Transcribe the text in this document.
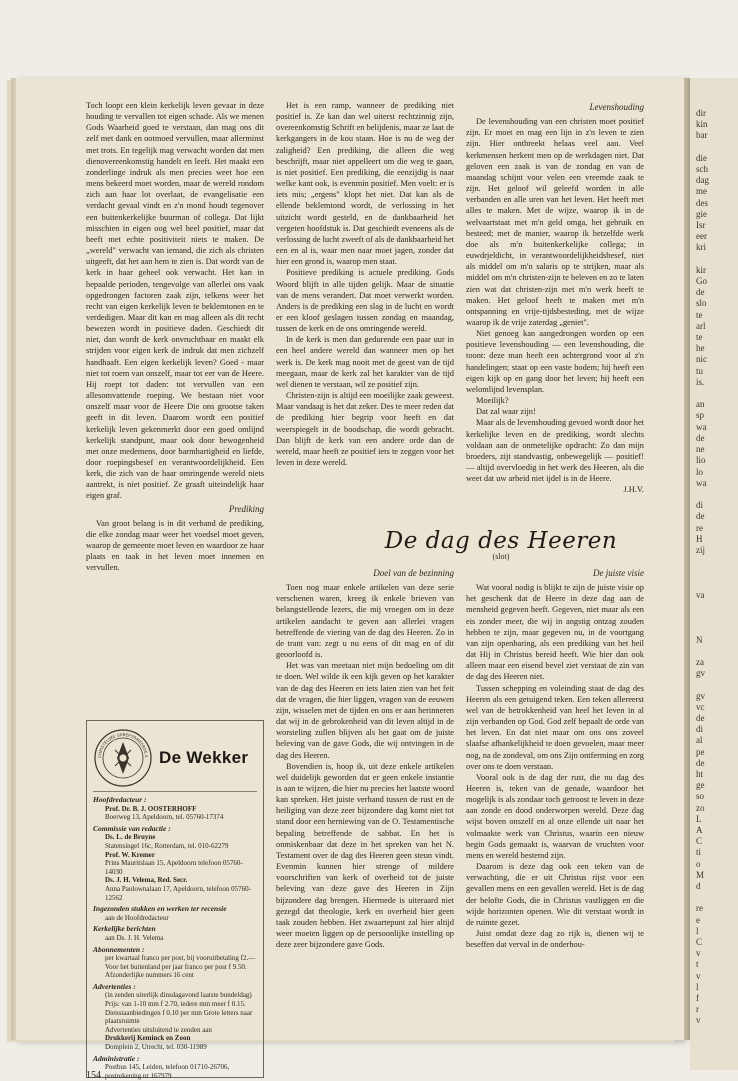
Toch loopt een klein kerkelijk leven gevaar in deze houding te vervallen tot eigen schade. Als we menen Gods Waarheid goed te verstaan, dan mag ons dit zelf met dank en ootmoed vervullen, maar allerminst met trots. En tegelijk mag verwacht worden dat men dienovereenkomstig handelt en leeft. Het maakt een zonderlinge indruk als men precies weet hoe een mens bekeerd moet worden, maar de wereld rondom zich aan haar lot overlaat, de evangelisatie een verdacht gevaal vindt en z'n mond houdt tegenover een buitenkerkelijke buurman of collega. Dat lijkt misschien in eigen oog wel heel positief, maar dat heeft met echte positiviteit niets te maken. De „wereld" verwacht van iemand, die zich als christen uitgeeft, dat het aan hem te zien is. Dat wordt van de kerk in haar geheel ook verwacht. Het kan in bepaalde perioden, tengevolge van allerlei ons vaak opgedrongen factoren zaak zijn, telkens weer het recht van eigen kerkelijk leven te beklemtonen en te verdedigen. Maar dit kan en mag alleen als dit recht bewezen wordt in positieve daden. Geschiedt dit niet, dan wordt de kerk onvruchtbaar en maakt elk strijden voor eigen kerk de indruk dat men zichzelf handhaaft. Een eigen kerkelijk leven? Goed - maar niet tot roem van onszelf, maar tot eer van de Heere. Hij roept tot daden: tot vervullen van een allesomvattende roeping. We bestaan niet voor onszelf maar voor de Heere Die ons grootse taken geeft in dit leven. Daarom wordt een positief kerkelijk leven gekenmerkt door een goed omlijnd kerkelijk standpunt, maar ook door bewogenheid met onze medemens, door barmhartigheid en liefde, door roepingsbesef en verantwoordelijkheid. Een kerk, die zich van de haar omringende wereld niets aantrekt, is niet positief. Ze graaft uiteindelijk haar eigen graf.

Prediking

Van groot belang is in dit verband de prediking, die elke zondag maar weer het voedsel moet geven, waarop de gemeente moet leven en waardoor ze haar plaats en taak in het leven moet innemen en vervullen.

Het is een ramp, wanneer de prediking niet positief is. Ze kan dan wel uiterst rechtzinnig zijn, overeenkomstig Schrift en belijdenis, maar ze laat de kerkgangers in de kou staan. Hoe is nu de weg der zaligheid? Een prediking, die alleen die weg beschrijft, maar niet appelleert om die weg te gaan, is niet positief. Een prediking, die eenzijdig is naar welke kant ook, is evenmin positief. Men voelt: er is iets mis; „ergens" klopt het niet. Dat kan als de ellende beklemtond wordt, de verlossing in het uitzicht wordt gesteld, en de dankbaarheid het vergeten hoofdstuk is. Dat geschiedt eveneens als de verlossing de lucht zweeft of als de dankbaarheid het een en al is, waar men naar moet jagen, zonder dat hier een grond is, waarop men staat.

Positieve prediking is actuele prediking. Gods Woord blijft in alle tijden gelijk. Maar de situatie van de mens verandert. Dat moet verwerkt worden. Anders is de prediking een slag in de lucht en wordt er een kloof geslagen tussen zondag en maandag, tussen de kerk en de ons omringende wereld.

In de kerk is men dan gedurende een paar uur in een heel andere wereld dan wanneer men op het werk is. De kerk mag nooit met de geest van de tijd meegaan, maar de kerk zal het karakter van de tijd wel dienen te verstaan, wil ze positief zijn.

Christen-zijn is altijd een moeilijke zaak geweest. Maar vandaag is het dat zeker. Des te meer reden dat de prediking hier begrip voor heeft en dat weerspiegelt in de boodschap, die wordt gebracht. Dan blijft de kerk van een andere orde dan de wereld, maar heeft ze positief iets te zeggen voor het leven in deze wereld.

Levenshouding

De levenshouding van een christen moet positief zijn. Er moet en mag een lijn in z'n leven te zien zijn. Hier ontbreekt helaas veel aan. Veel kerkmensen herkent men op de werkdagen niet. Dat geloven een zaak is van de zondag en van de maandag schijnt voor velen een vreemde zaak te zijn. Het geloof wil geleefd worden in alle verbanden en alle uren van het leven. Het heeft met alles te maken. Met de wijze, waarop ik in de welvaartstaat met m'n geld omga, het gebruik en besteed; met de manier, waarop ik hetzelfde werk doe als m'n buitenkerkelijke collega; in euwdrjeldicht, in verantwoordelijkheidsbesef, niet als middel om m'n salaris op te strijken, maar als middel om m'n christen-zijn te beleven en zo te laten zien wat dat christen-zijn met m'n werk heeft te maken. Het geloof heeft te maken met m'n ontspanning en vrije-tijdsbesteding, met de wijze waarop ik de vrije zaterdag „geniet".

Niet genoeg kan aangedrongen worden op een positieve levenshouding — een levenshouding, die toont: deze man heeft een achtergrond voor al z'n handelingen; staat op een vaste bodem; hij heeft een eigen kijk op en gang door het leven; hij heeft een welomlijnd levensplan.

Moeilijk?

Dat zal waar zijn!

Maar als de levenshouding gevoed wordt door het kerkelijke leven en de prediking, wordt slechts voldaan aan de onmetelijke opdracht: Zo dan mijn broeders, zijt standvastig, onbewegelijk — positief! — altijd overvloedig in het werk des Heeren, als die weet dat uw arbeid niet ijdel is in de Heere.

J.H.V.

De dag des Heeren
(slot)
Doel van de bezinning

Toen nog maar enkele artikelen van deze serie verschenen waren, kreeg ik enkele brieven van belangstellende lezers, die mij vroegen om in deze artikelen aandacht te geven aan allerlei vragen betreffende de viering van de dag des Heeren. Zo in de trant van: zegt u nu eens of dit mag en of dit geoorloofd is.

Het was van meetaan niet mijn bedoeling om dit te doen. Wel wilde ik een kijk geven op het karakter van de dag des Heeren en iets laten zien van het feit dat de vragen, die hier liggen, vragen van de eeuwen zijn, wisselen met de tijden en ons er aan herinneren dat wij in de gebrokenheid van dit leven altijd in de worsteling zullen blijven als het gaat om de juiste beleving van de gave Gods, die wij ontvingen in de dag des Heeren.

Bovendien is, hoop ik, uit deze enkele artikelen wel duidelijk geworden dat er geen enkele instantie is aan te wijzen, die hier nu precies het laatste woord kan spreken. Het juiste verband tussen de rust en de heiliging van deze zeer bijzondere dag komt niet tot stand door een herniewing van de O. Testamentische bepaling betreffende de sabbat. En het is onmiskenbaar dat deze in het spreken van het N. Testament over de dag des Heeren geen steun vindt. Evenmin kunnen hier strenge of mildere voorschriften van kerk of overheid tot de juiste beleving van deze gave des Heeren in Zijn bijzondere dag brengen. Hiermede is uiteraard niet gezegd dat theologie, kerk en overheid hier geen taak zouden hebben. Het zwaartepunt zal hier altijd weer moeten liggen op de persoonlijke instelling op deze zeer bijzondere gave Gods.

De juiste visie

Wat vooral nodig is blijkt te zijn de juiste visie op het geschenk dat de Heere in deze dag aan de mensheid gegeven heeft. Gegeven, niet maar als een eis zonder meer, die wij in angstig ontzag zouden hebben te zijn, maar gegeven nu, in de voortgang van zijn openbaring, als een prediking van het heil dat Hij in Christus bereid heeft. Wie hier dan ook alleen maar een eisend bevel ziet verstaat de zin van de dag des Heeren niet.

Tussen schepping en voleinding staat de dag des Heeren als een getuigend teken. Een teken allereerst wel van de betrokkenheid van heel het leven in al zijn verbanden op God. God zelf bepaalt de orde van het leven. En dat niet maar om ons ons zoveel slaafse afhankelijkheid te doen gevoelen, maar meer nog, na de zondeval, om ons Zijn ontferming en zorg over ons te doen verstaan.

Vooral ook is de dag der rust, die nu dag des Heeren is, teken van de genade, waardoor het mogelijk is als zondaar toch getroost te leven in deze aan zonde en dood onderworpen wereld. Deze dag wijst boven onszelf en al onze ellende uit naar het volmaakte werk van Christus, waarin een nieuw begin Gods gemaakt is, waarvan de vruchten voor mens en wereld bestemd zijn.

Daarom is deze dag ook een teken van de verwachting, die er uit Christus rijst voor een gevallen mens en een gevallen wereld. Het is de dag der belofte Gods, die in Christus vastliggen en die wijde horizonten openen. Wie dit verstaat wordt in de ruimte gezet.

Juist omdat deze dag zo rijk is, dienen wij te beseffen dat verval in de onderhou-

CHRISTELIJKE GEREFORMEERDE K De Wekker
Hoofdredacteur :
Prof. Dr. B. J. OOSTERHOFF
Boerweg 13, Apeldoorn, tel. 05760-17374
Commissie van redactie :
Ds. L. de Bruyne
Statensingel 16c, Rotterdam, tel. 010-62279
Prof. W. Kremer
Prins Mauritslaan 15, Apeldoorn telefoon 05760-14030
Ds. J. H. Velema, Red. Secr.
Anna Paulownalaan 17, Apeldoorn, telefoon 05760-12562
Ingezonden stukken en werken ter recensie
aan de Hoofdredacteur
Kerkelijke berichten
aan Ds. J. H. Velema
Abonnementen :
per kwartaal franco per post, bij vooruitbetaling f2.— Voor het buitenland per jaar franco per post f 9.50. Afzonderlijke nummers 16 cent
Advertenties :
(in zenden uiterlijk dinsdagavond laatste bundeldag) Prijs: van 1-10 mm f 2.70, iedere mm meer f 0.15. Dienstaanbiedingen f 0.10 per mm Grote letters naar plaatsruimte
Advertenties uitsluitend te zenden aan
Drukkerij Keminck en Zoon
Domplein 2, Utrecht, tel. 030-11989
Administratie :
Postbus 145, Leiden, telefoon 01710-26706, postrekening nr 167979
154

dir

kin

bar

die

sch

dag

me

des

gie

Isr

eer

kri

kir

Go

de

slo

te

arl

te

he

nic

tu

is.

an

sp

wa

de

ne

lio

lo

wa

di

de

re

H

zij

va

N

za

gv

gv

vc

de

di

al

pe

de

ht

ge

so

zo

L

A

C

ti

o

M

d

re

e

l

C

v

t

v

l

f

r

v
